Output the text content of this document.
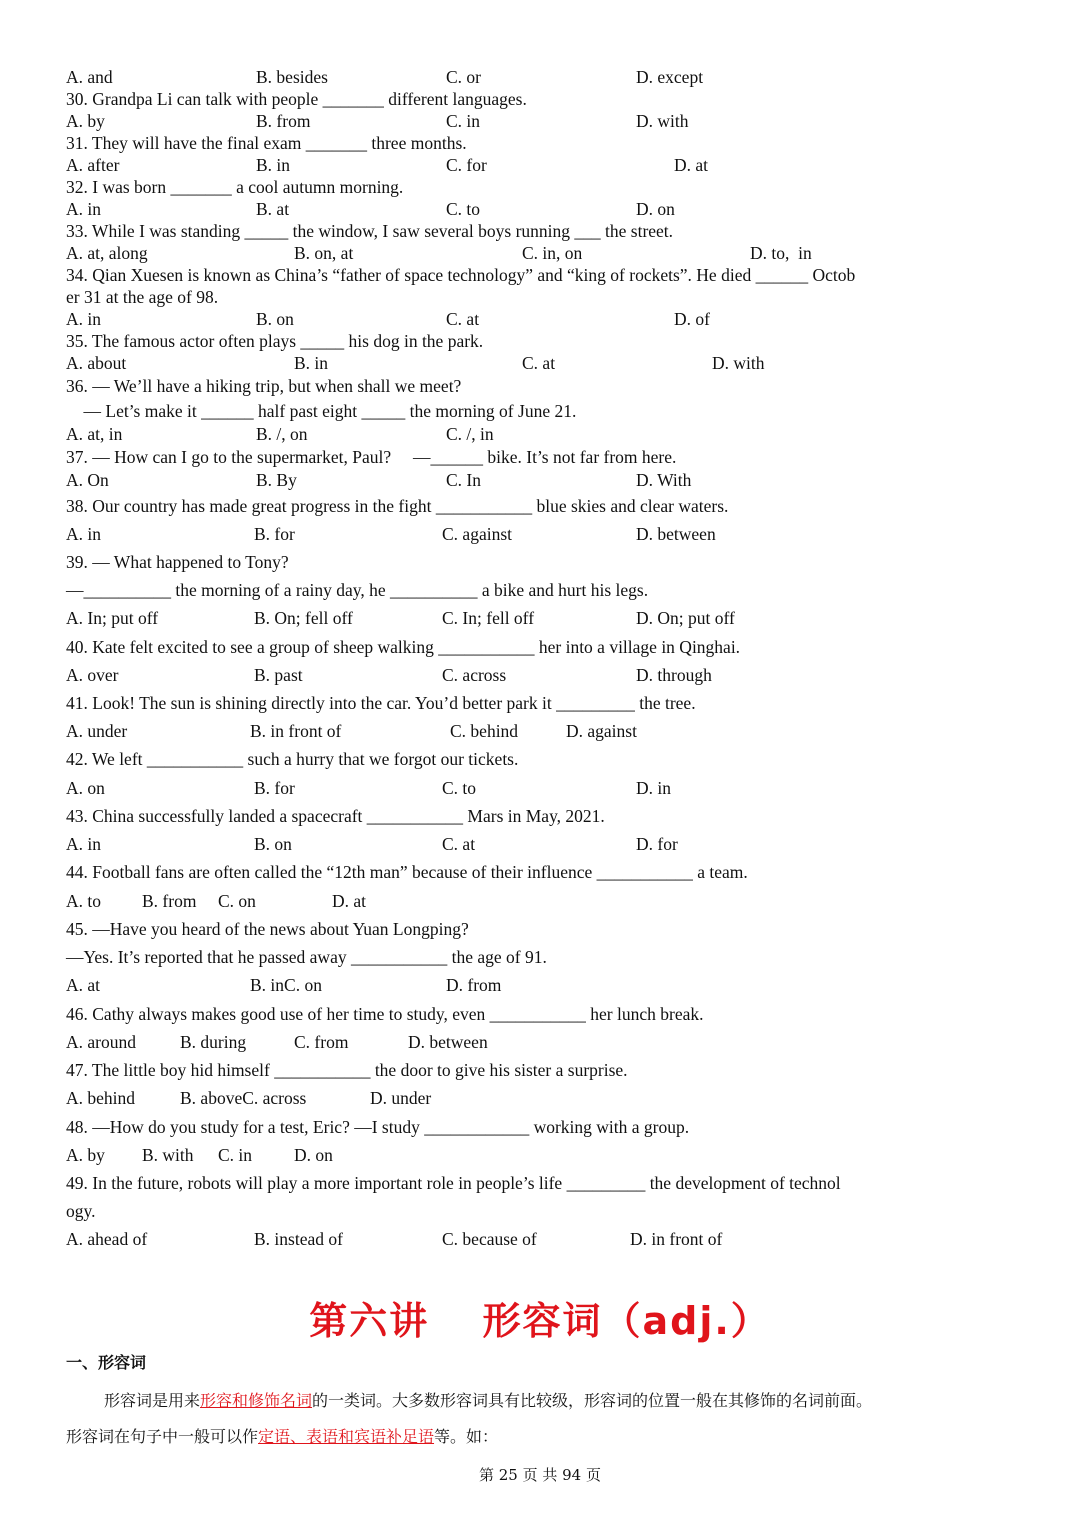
A. and	B. besides	C. or	D. except
30. Grandpa Li can talk with people _______ different languages.
A. by	B. from	C. in	D. with
31. They will have the final exam _______ three months.
A. after	B. in	C. for	D. at
32. I was born _______ a cool autumn morning.
A. in	B. at	C. to	D. on
33. While I was standing _____ the window, I saw several boys running ___ the street.
A. at, along	B. on, at	C. in, on	D. to,  in
34. Qian Xuesen is known as China’s “father of space technology” and “king of rockets”. He died ______ Octob
er 31 at the age of 98.
A. in	B. on	C. at	D. of
35. The famous actor often plays _____ his dog in the park.
A. about	B. in	C. at	D. with
36. — We’ll have a hiking trip, but when shall we meet?
— Let’s make it ______ half past eight _____ the morning of June 21.
A. at, in	B. /, on	C. /, in
37. — How can I go to the supermarket, Paul?     —______ bike. It’s not far from here.
A. On	B. By	C. In	D. With
38. Our country has made great progress in the fight ___________ blue skies and clear waters.
A. in	B. for	C. against	D. between
39. — What happened to Tony?
—__________ the morning of a rainy day, he __________ a bike and hurt his legs.
A. In; put off	B. On; fell off	C. In; fell off	D. On; put off
40. Kate felt excited to see a group of sheep walking ___________ her into a village in Qinghai.
A. over	B. past	C. across	D. through
41. Look! The sun is shining directly into the car. You’d better park it _________ the tree.
A. under	B. in front of	C. behind	D. against
42. We left ___________ such a hurry that we forgot our tickets.
A. on	B. for	C. to	D. in
43. China successfully landed a spacecraft ___________ Mars in May, 2021.
A. in	B. on	C. at	D. for
44. Football fans are often called the “12th man” because of their influence ___________ a team.
A. to B. from C. on	D. at
45. —Have you heard of the news about Yuan Longping?
—Yes. It’s reported that he passed away ___________ the age of 91.
A. at	B. inC. on	D. from
46. Cathy always makes good use of her time to study, even ___________ her lunch break.
A. around	B. during	C. from	D. between
47. The little boy hid himself ___________ the door to give his sister a surprise.
A. behind	B. aboveC. across	D. under
48. —How do you study for a test, Eric? —I study ____________ working with a group.
A. by B. with C. in D. on
49. In the future, robots will play a more important role in people’s life _________ the development of technol
ogy.
A. ahead of	B. instead of	C. because of	D. in front of
第六讲 形容词（adj.）
一、形容词
形容词是用来形容和修饰名词的一类词。大多数形容词具有比较级，形容词的位置一般在其修饰的名词前面。
形容词在句子中一般可以作定语、表语和宾语补足语等。如：
第 25 页 共 94 页
